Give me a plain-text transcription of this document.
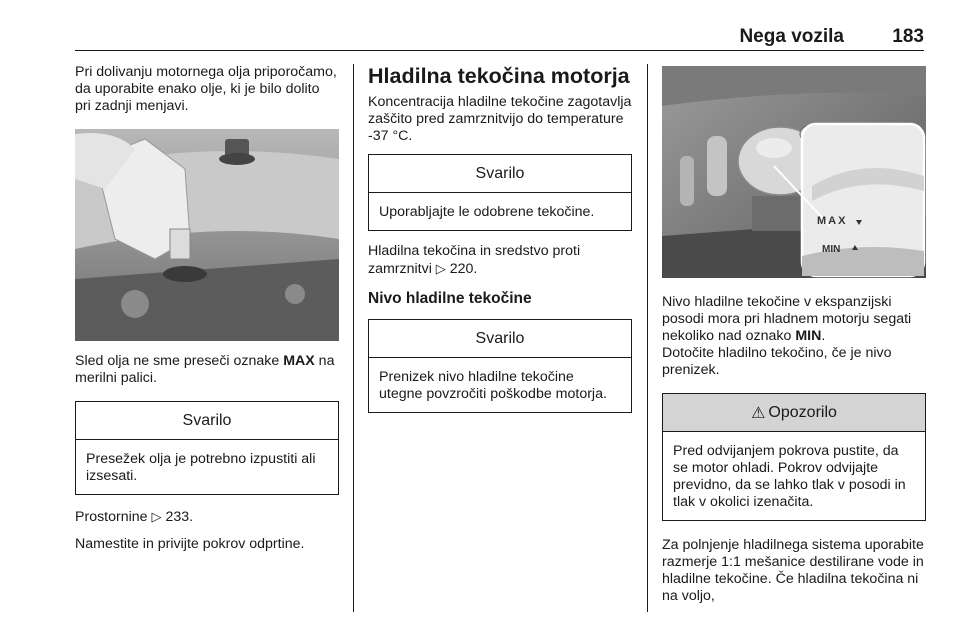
Nega vozila	183

Pri dolivanju motornega olja priporočamo, da uporabite enako olje, ki je bilo dolito pri zadnji menjavi.

Sled olja ne sme preseči oznake MAX na merilni palici.

Svarilo

Presežek olja je potrebno izpustiti ali izsesati.

Prostornine ▷ 233.

Namestite in privijte pokrov odprtine.

Hladilna tekočina motorja

Koncentracija hladilne tekočine zagotavlja zaščito pred zamrznitvijo do temperature -37 °C.

Svarilo

Uporabljajte le odobrene tekočine.

Hladilna tekočina in sredstvo proti zamrznitvi ▷ 220.

Nivo hladilne tekočine
Svarilo

Prenizek nivo hladilne tekočine utegne povzročiti poškodbe motorja.

MAX
MIN

Nivo hladilne tekočine v ekspanzijski posodi mora pri hladnem motorju segati nekoliko nad oznako MIN.

Dotočite hladilno tekočino, če je nivo prenizek.

⚠ Opozorilo

Pred odvijanjem pokrova pustite, da se motor ohladi. Pokrov odvijajte previdno, da se lahko tlak v posodi in tlak v okolici izenačita.

Za polnjenje hladilnega sistema uporabite razmerje 1:1 mešanice destilirane vode in hladilne tekočine. Če hladilna tekočina ni na voljo,
